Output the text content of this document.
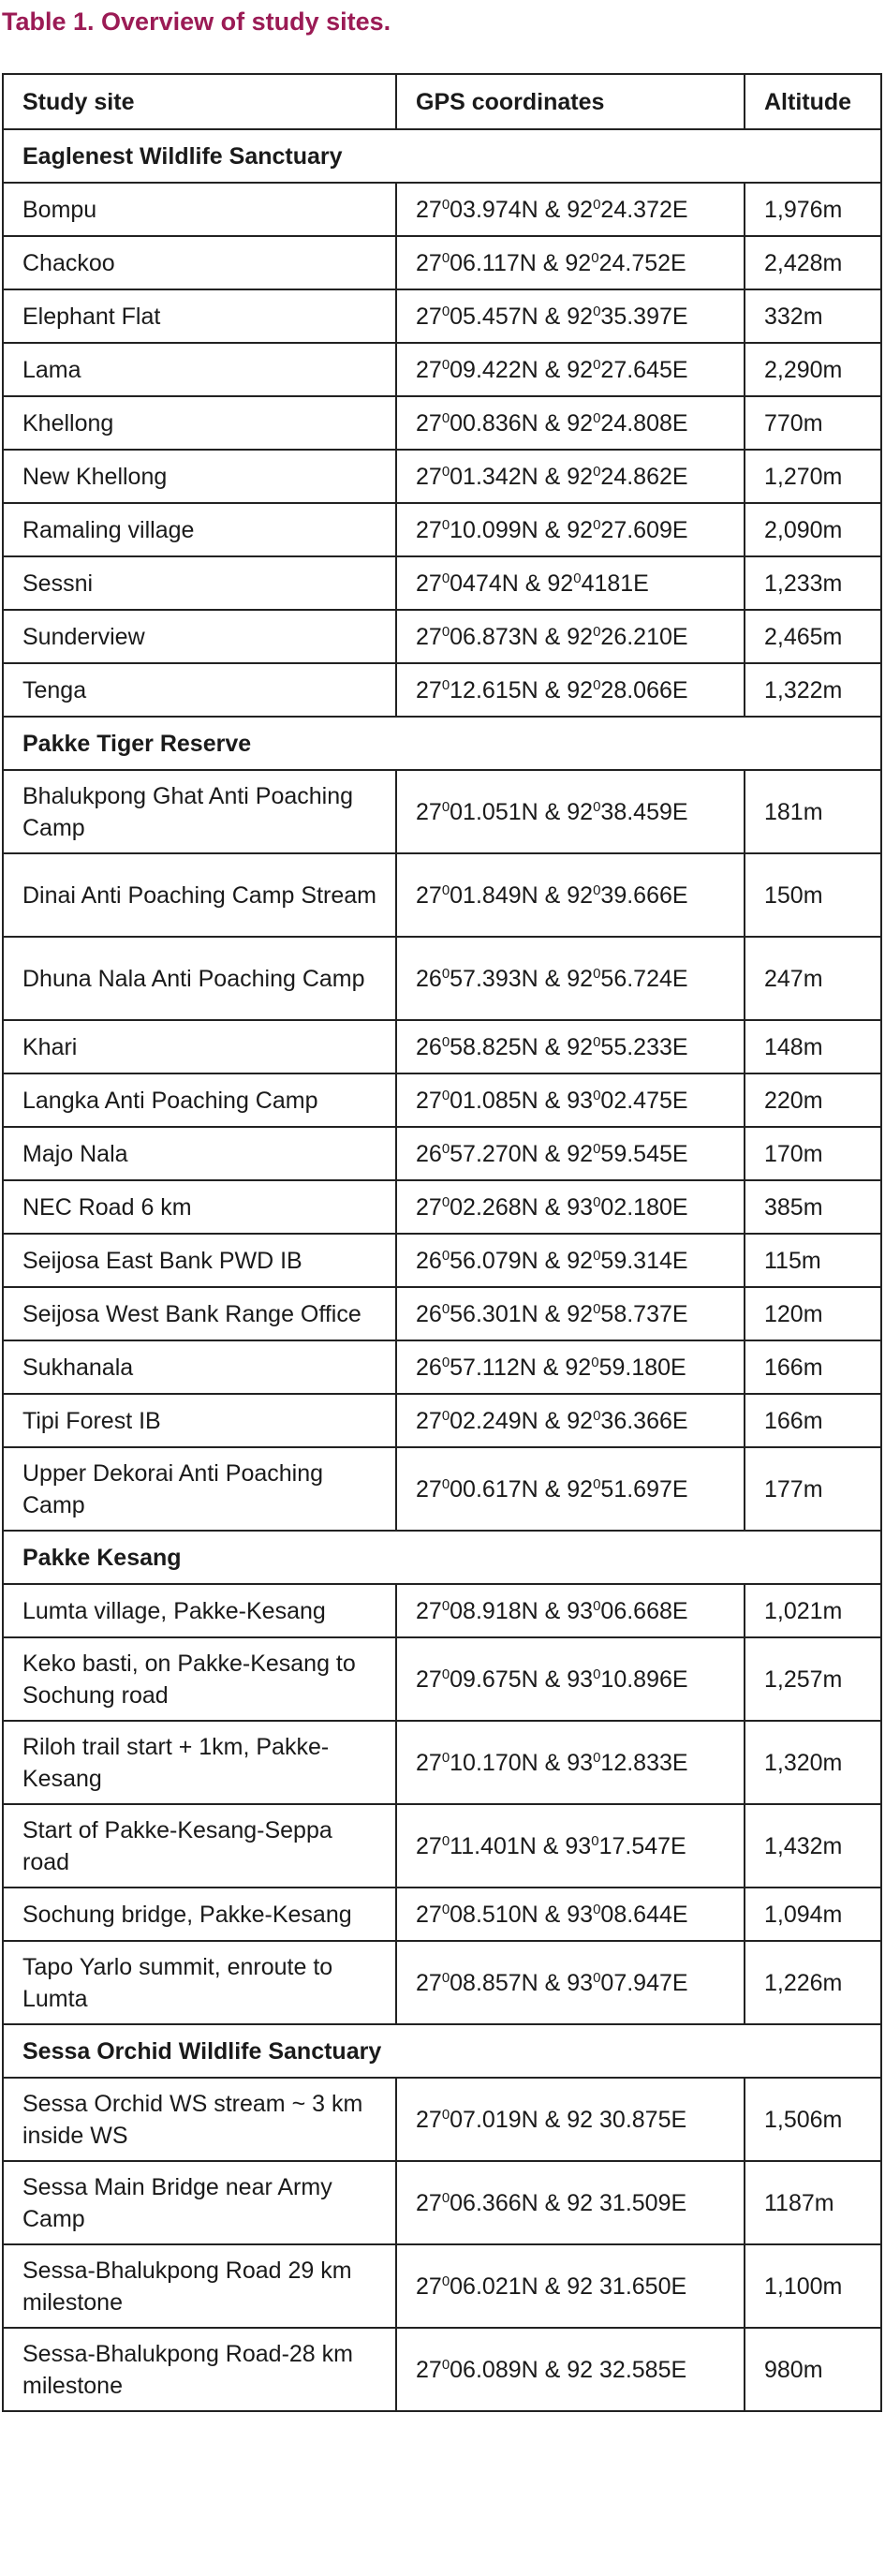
Table 1. Overview of study sites.

Study site	GPS coordinates	Altitude
Eaglenest Wildlife Sanctuary		
Bompu	$27^003.974N$ & $92^024.372E$	1,976m
Chackoo	$27^006.117N$ & $92^024.752E$	2,428m
Elephant Flat	$27^005.457N$ & $92^035.397E$	332m
Lama	$27^009.422N$ & $92^027.645E$	2,290m
Khellong	$27^000.836N$ & $92^024.808E$	770m
New Khellong	$27^001.342N$ & $92^024.862E$	1,270m
Ramaling village	$27^010.099N$ & $92^027.609E$	2,090m
Sessni	$27^00474N$ & $92^04181E$	1,233m
Sunderview	$27^006.873N$ & $92^026.210E$	2,465m
Tenga	$27^012.615N$ & $92^028.066E$	1,322m
Pakke Tiger Reserve		
Bhalukpong Ghat Anti Poaching Camp	$27^001.051N$ & $92^038.459E$	181m
Dinai Anti Poaching Camp Stream	$27^001.849N$ & $92^039.666E$	150m
Dhuna Nala Anti Poaching Camp	$26^057.393N$ & $92^056.724E$	247m
Khari	$26^058.825N$ & $92^055.233E$	148m
Langka Anti Poaching Camp	$27^001.085N$ & $93^002.475E$	220m
Majo Nala	$26^057.270N$ & $92^059.545E$	170m
NEC Road 6 km	$27^002.268N$ & $93^002.180E$	385m
Seijosa East Bank PWD IB	$26^056.079N$ & $92^059.314E$	115m
Seijosa West Bank Range Office	$26^056.301N$ & $92^058.737E$	120m
Sukhanala	$26^057.112N$ & $92^059.180E$	166m
Tipi Forest IB	$27^002.249N$ & $92^036.366E$	166m
Upper Dekorai Anti Poaching Camp	$27^000.617N$ & $92^051.697E$	177m
Pakke Kesang		
Lumta village, Pakke-Kesang	$27^008.918N$ & $93^006.668E$	1,021m
Keko basti, on Pakke-Kesang to Sochung road	$27^009.675N$ & $93^010.896E$	1,257m
Riloh trail start + 1km, Pakke-Kesang	$27^010.170N$ & $93^012.833E$	1,320m
Start of Pakke-Kesang-Seppa road	$27^011.401N$ & $93^017.547E$	1,432m
Sochung bridge, Pakke-Kesang	$27^008.510N$ & $93^008.644E$	1,094m
Tapo Yarlo summit, enroute to Lumta	$27^008.857N$ & $93^007.947E$	1,226m
Sessa Orchid Wildlife Sanctuary		
Sessa Orchid WS stream ~ 3 km inside WS	$27^007.019N$ & 92 30.875E	1,506m
Sessa Main Bridge near Army Camp	$27^006.366N$ & 92 31.509E	1187m
Sessa-Bhalukpong Road 29 km milestone	$27^006.021N$ & 92 31.650E	1,100m
Sessa-Bhalukpong Road-28 km milestone	$27^006.089N$ & 92 32.585E	980m
